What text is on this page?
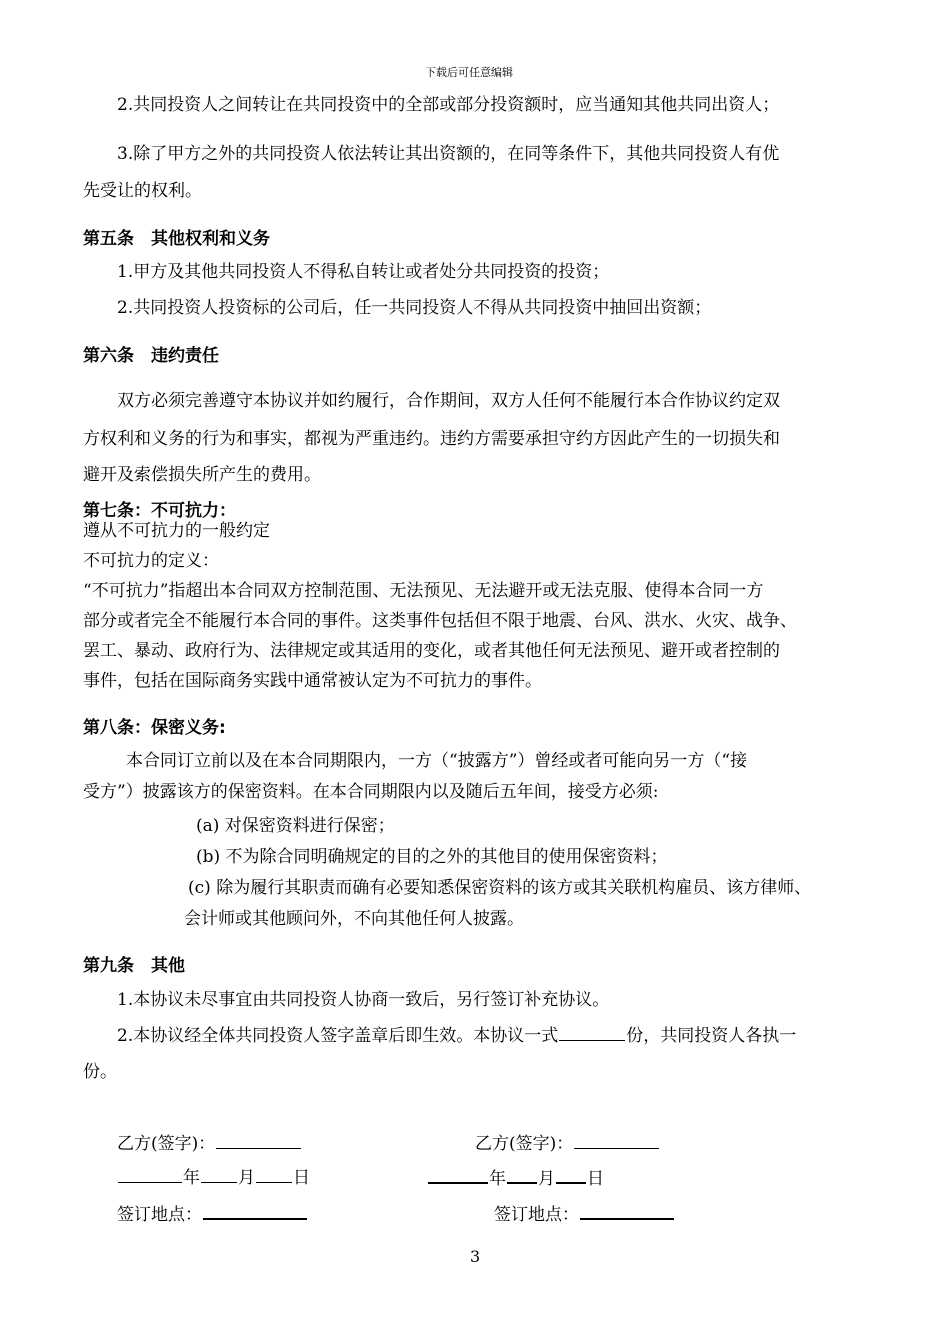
下载后可任意编辑
2.共同投资人之间转让在共同投资中的全部或部分投资额时，应当通知其他共同出资人；
3.除了甲方之外的共同投资人依法转让其出资额的，在同等条件下，其他共同投资人有优
先受让的权利。
第五条　其他权利和义务
1.甲方及其他共同投资人不得私自转让或者处分共同投资的投资；
2.共同投资人投资标的公司后，任一共同投资人不得从共同投资中抽回出资额；
第六条　违约责任
双方必须完善遵守本协议并如约履行，合作期间，双方人任何不能履行本合作协议约定双
方权利和义务的行为和事实，都视为严重违约。违约方需要承担守约方因此产生的一切损失和
避开及索偿损失所产生的费用。
第七条：不可抗力：
遵从不可抗力的一般约定
不可抗力的定义：
“不可抗力”指超出本合同双方控制范围、无法预见、无法避开或无法克服、使得本合同一方
部分或者完全不能履行本合同的事件。这类事件包括但不限于地震、台风、洪水、火灾、战争、
罢工、暴动、政府行为、法律规定或其适用的变化，或者其他任何无法预见、避开或者控制的
事件，包括在国际商务实践中通常被认定为不可抗力的事件。
第八条：保密义务:
本合同订立前以及在本合同期限内，一方（“披露方”）曾经或者可能向另一方（“接
受方”）披露该方的保密资料。在本合同期限内以及随后五年间，接受方必须:
(a) 对保密资料进行保密；
(b) 不为除合同明确规定的目的之外的其他目的使用保密资料；
(c) 除为履行其职责而确有必要知悉保密资料的该方或其关联机构雇员、该方律师、
会计师或其他顾问外，不向其他任何人披露。
第九条　其他
1.本协议未尽事宜由共同投资人协商一致后，另行签订补充协议。
2.本协议经全体共同投资人签字盖章后即生效。本协议一式	份，共同投资人各执一
份。
乙方(签字)：
年 月 日
签订地点：
乙方(签字)：
年 月 日
签订地点：
3
